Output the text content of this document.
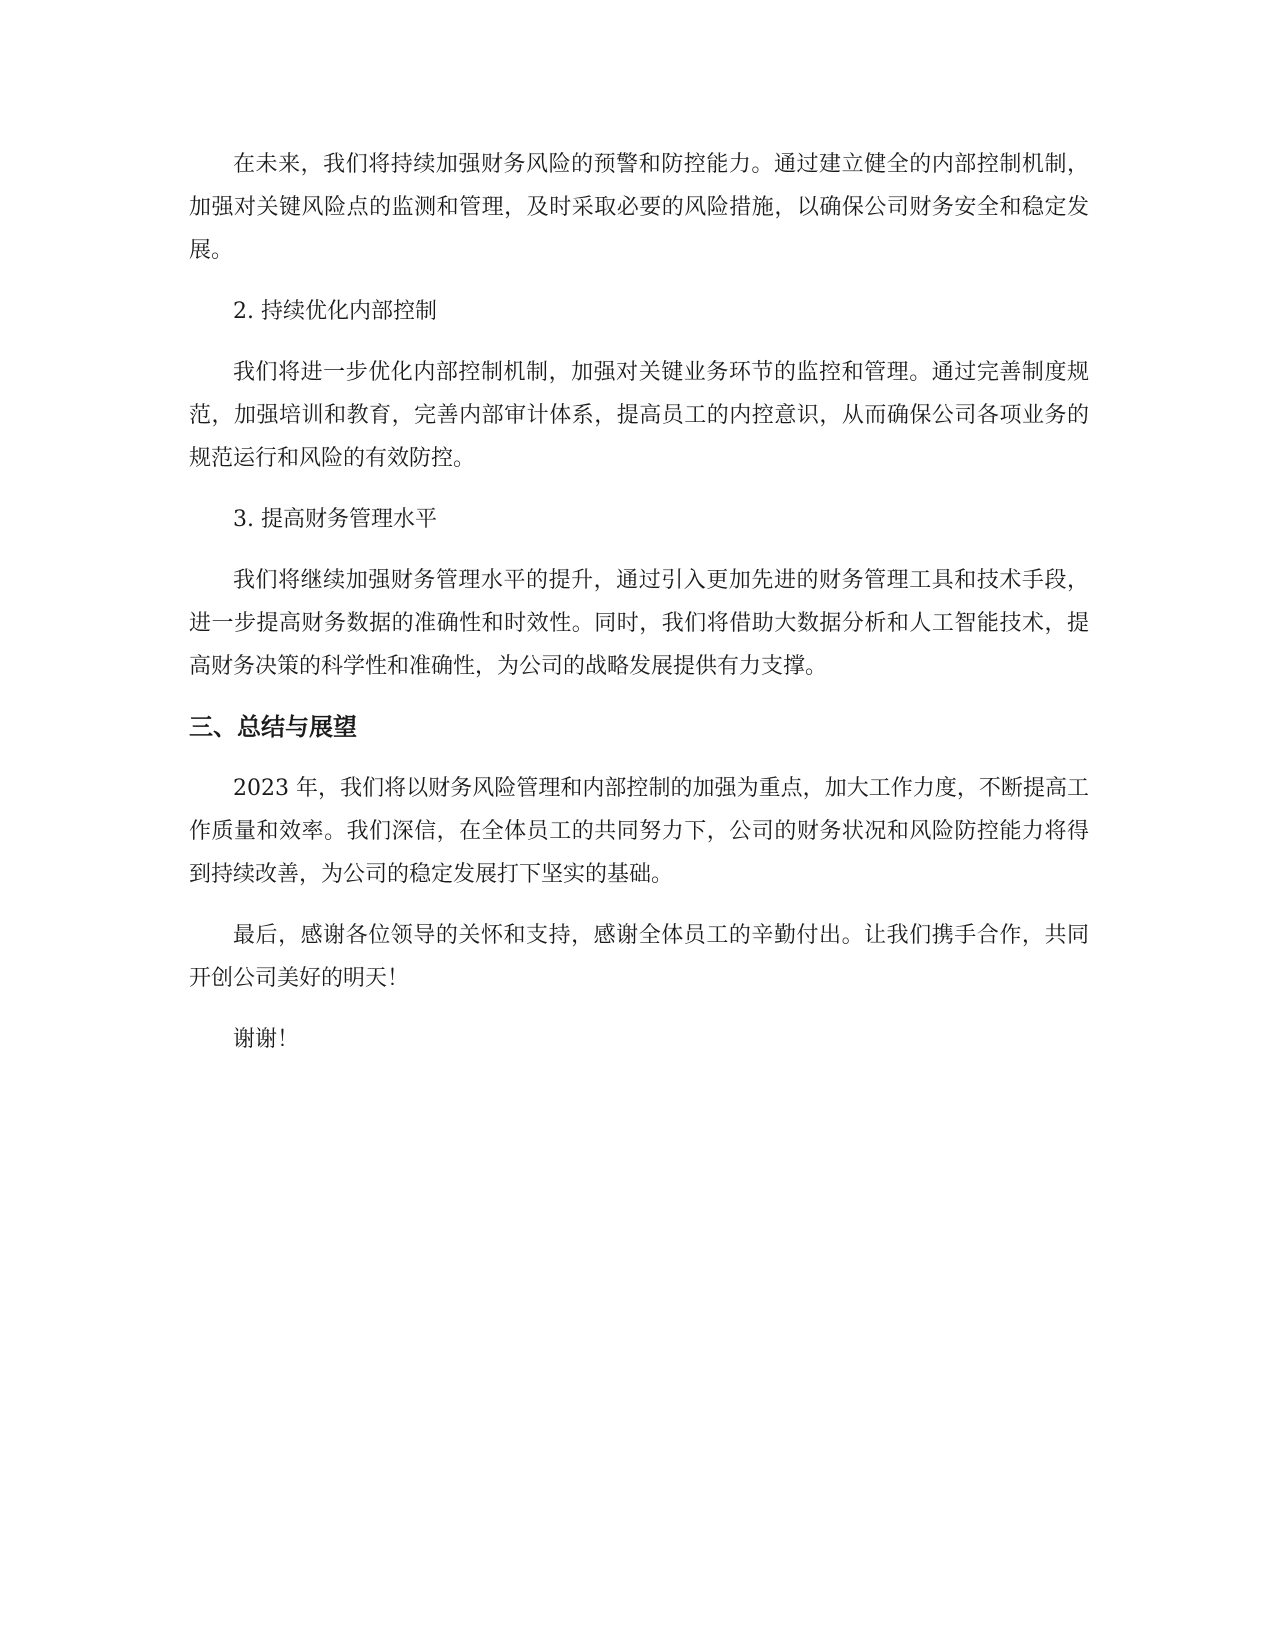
在未来，我们将持续加强财务风险的预警和防控能力。通过建立健全的内部控制机制，加强对关键风险点的监测和管理，及时采取必要的风险措施，以确保公司财务安全和稳定发展。

2. 持续优化内部控制

我们将进一步优化内部控制机制，加强对关键业务环节的监控和管理。通过完善制度规范，加强培训和教育，完善内部审计体系，提高员工的内控意识，从而确保公司各项业务的规范运行和风险的有效防控。

3. 提高财务管理水平

我们将继续加强财务管理水平的提升，通过引入更加先进的财务管理工具和技术手段，进一步提高财务数据的准确性和时效性。同时，我们将借助大数据分析和人工智能技术，提高财务决策的科学性和准确性，为公司的战略发展提供有力支撑。

三、总结与展望

2023 年，我们将以财务风险管理和内部控制的加强为重点，加大工作力度，不断提高工作质量和效率。我们深信，在全体员工的共同努力下，公司的财务状况和风险防控能力将得到持续改善，为公司的稳定发展打下坚实的基础。

最后，感谢各位领导的关怀和支持，感谢全体员工的辛勤付出。让我们携手合作，共同开创公司美好的明天！

谢谢！
